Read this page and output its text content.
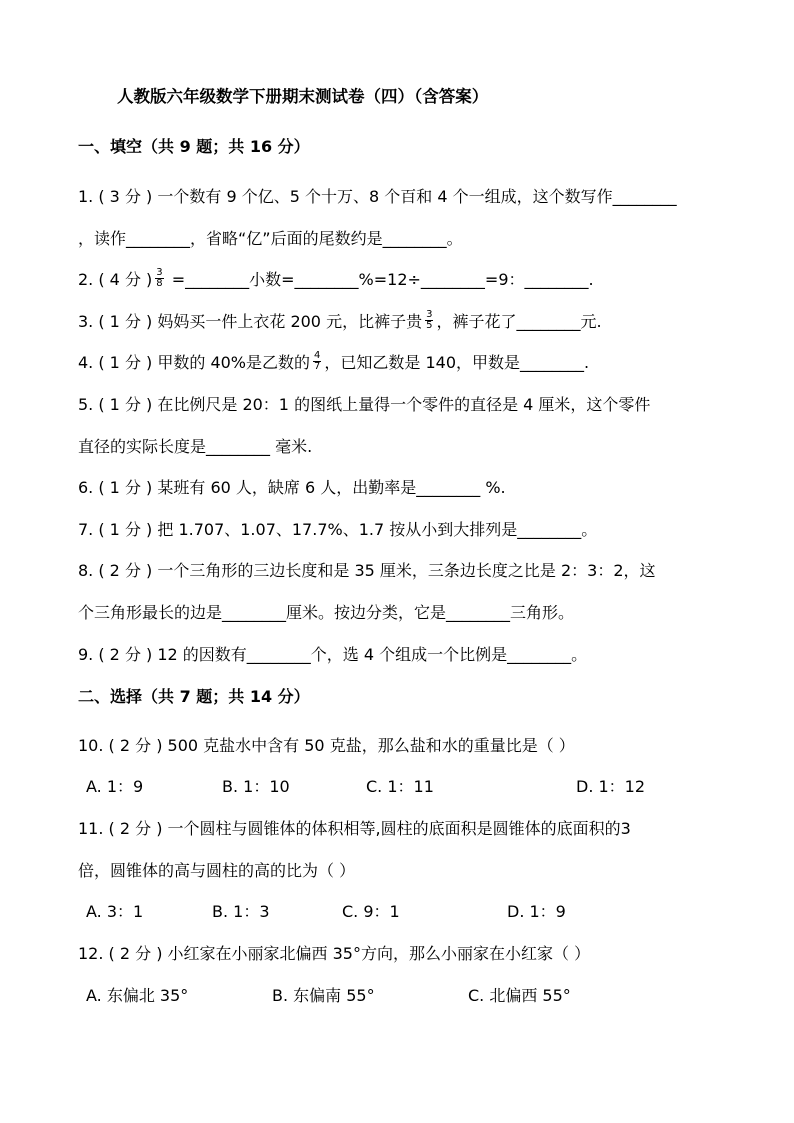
人教版六年级数学下册期末测试卷（四）（含答案）
一、填空（共 9 题；共 16 分）
1. ( 3 分 ) 一个数有 9 个亿、5 个十万、8 个百和 4 个一组成，这个数写作________
，读作________，省略“亿”后面的尾数约是________。
2. ( 4 分 ) $\frac{3}{8}$ =________小数=________%=12÷________=9：________.
3. ( 1 分 ) 妈妈买一件上衣花 200 元，比裤子贵 $\frac{3}{5}$ ，裤子花了________元.
4. ( 1 分 ) 甲数的 40%是乙数的 $\frac{4}{7}$ ，已知乙数是 140，甲数是________.
5. ( 1 分 ) 在比例尺是 20：1 的图纸上量得一个零件的直径是 4 厘米，这个零件
直径的实际长度是________ 毫米.
6. ( 1 分 ) 某班有 60 人，缺席 6 人，出勤率是________ %.
7. ( 1 分 ) 把 1.707、1.07、17.7%、1.7 按从小到大排列是________。
8. ( 2 分 ) 一个三角形的三边长度和是 35 厘米，三条边长度之比是 2：3：2，这
个三角形最长的边是________厘米。按边分类，它是________三角形。
9. ( 2 分 ) 12 的因数有________个，选 4 个组成一个比例是________。
二、选择（共 7 题；共 14 分）
10. ( 2 分 ) 500 克盐水中含有 50 克盐，那么盐和水的重量比是（ ）
A. 1：9	B. 1：10	C. 1：11	D. 1：12
11. ( 2 分 ) 一个圆柱与圆锥体的体积相等,圆柱的底面积是圆锥体的底面积的3
倍，圆锥体的高与圆柱的高的比为（ ）
A. 3：1	B. 1：3	C. 9：1	D. 1：9
12. ( 2 分 ) 小红家在小丽家北偏西 35°方向，那么小丽家在小红家（ ）
A. 东偏北 35°	B. 东偏南 55°	C. 北偏西 55°
